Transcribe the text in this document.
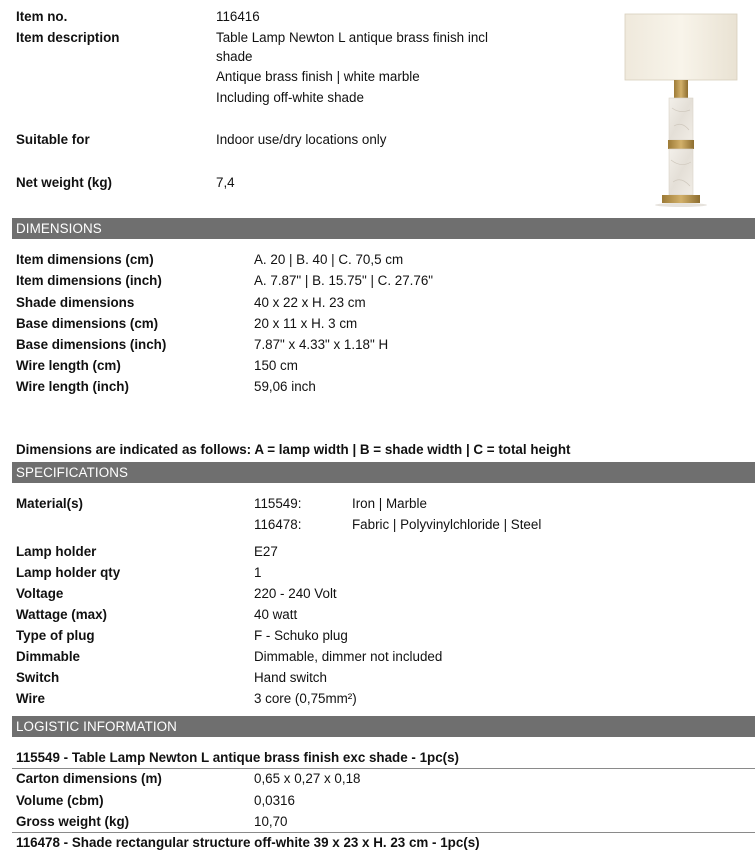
Item no.	116416
Item description	Table Lamp Newton L antique brass finish incl
shade
Antique brass finish | white marble
Including off-white shade
Suitable for	Indoor use/dry locations only
Net weight (kg)	7,4
DIMENSIONS
Item dimensions (cm)	A. 20 | B. 40 | C. 70,5 cm
Item dimensions (inch)	A. 7.87" | B. 15.75" | C. 27.76"
Shade dimensions	40 x 22 x H. 23 cm
Base dimensions (cm)	20 x 11 x H. 3 cm
Base dimensions (inch)	7.87" x 4.33" x 1.18" H
Wire length (cm)	150 cm
Wire length (inch)	59,06 inch
Dimensions are indicated as follows: A = lamp width | B = shade width | C = total height
SPECIFICATIONS
Material(s)	115549:	Iron | Marble
116478:	Fabric | Polyvinylchloride | Steel
Lamp holder	E27
Lamp holder qty	1
Voltage	220 - 240 Volt
Wattage (max)	40 watt
Type of plug	F - Schuko plug
Dimmable	Dimmable, dimmer not included
Switch	Hand switch
Wire	3 core (0,75mm²)
LOGISTIC INFORMATION
115549 - Table Lamp Newton L antique brass finish exc shade - 1pc(s)
Carton dimensions (m)	0,65 x 0,27 x 0,18
Volume (cbm)	0,0316
Gross weight (kg)	10,70
116478 - Shade rectangular structure off-white 39 x 23 x H. 23 cm - 1pc(s)
